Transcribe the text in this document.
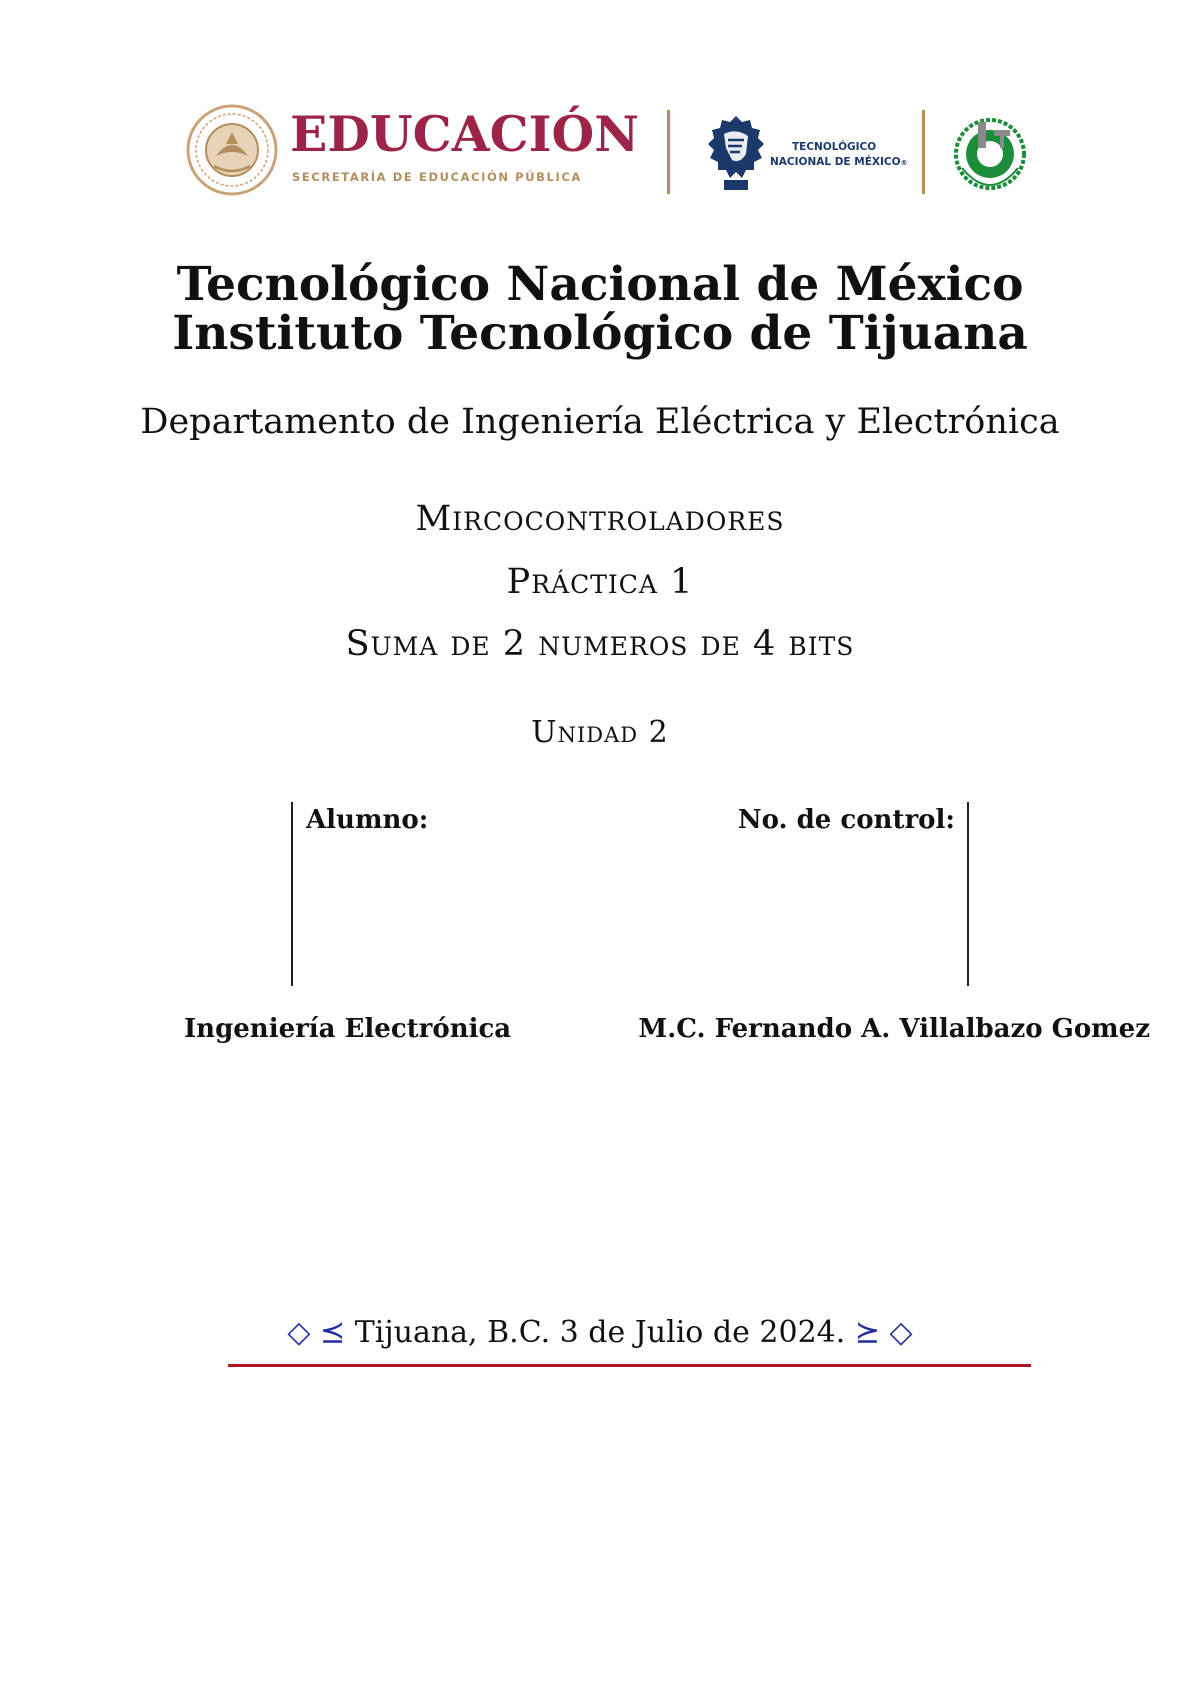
EDUCACIÓN
SECRETARÍA DE EDUCACIÓN PÚBLICA
TECNOLÓGICO
NACIONAL DE MÉXICO®
Tecnológico Nacional de México
Instituto Tecnológico de Tijuana
Departamento de Ingeniería Eléctrica y Electrónica
Mircocontroladores
Práctica 1
Suma de 2 numeros de 4 bits
Unidad 2
Alumno:	No. de control:
Ingeniería Electrónica	M.C. Fernando A. Villalbazo Gomez
◇ ⪯ Tijuana, B.C. 3 de Julio de 2024. ⪰ ◇
